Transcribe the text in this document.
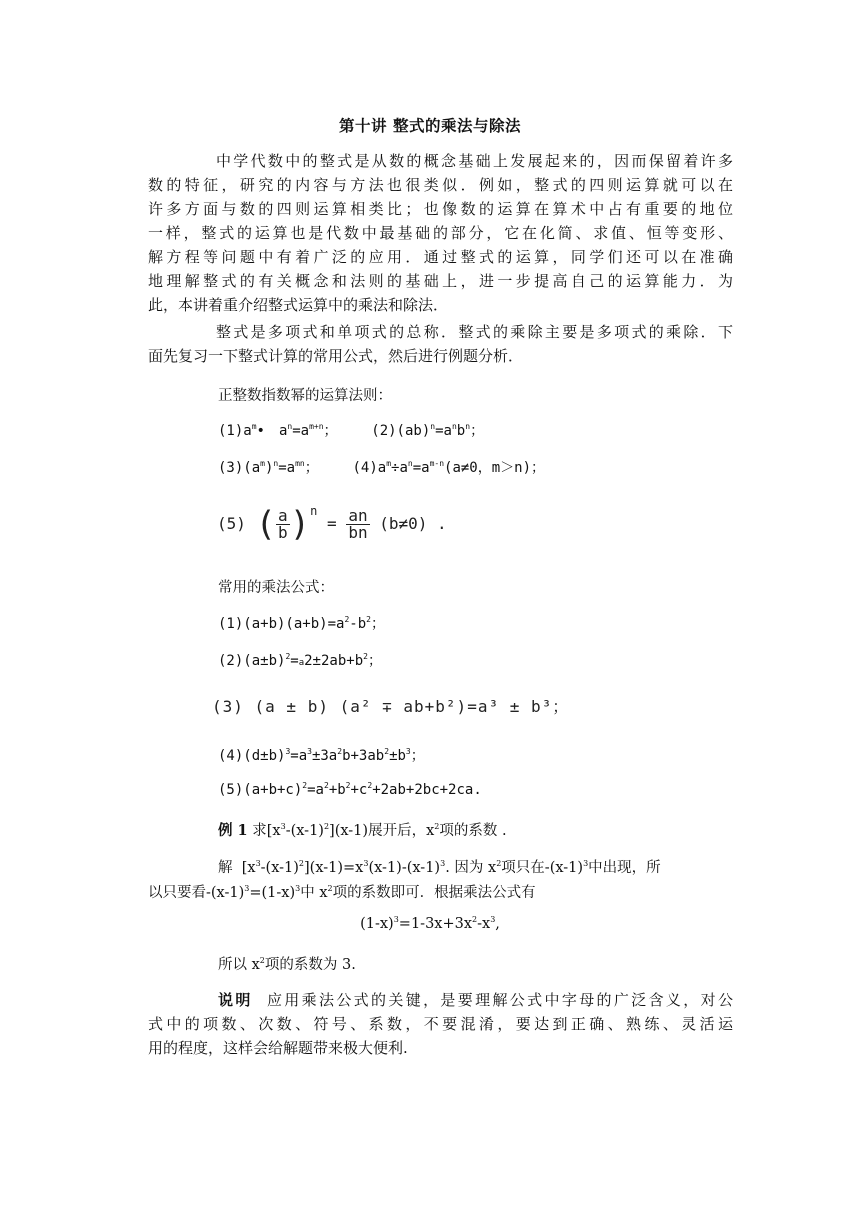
第十讲 整式的乘法与除法
中学代数中的整式是从数的概念基础上发展起来的，因而保留着许多
数的特征，研究的内容与方法也很类似．例如，整式的四则运算就可以在
许多方面与数的四则运算相类比；也像数的运算在算术中占有重要的地位
一样，整式的运算也是代数中最基础的部分，它在化简、求值、恒等变形、
解方程等问题中有着广泛的应用．通过整式的运算，同学们还可以在准确
地理解整式的有关概念和法则的基础上，进一步提高自己的运算能力．为
此，本讲着重介绍整式运算中的乘法和除法．
整式是多项式和单项式的总称．整式的乘除主要是多项式的乘除．下
面先复习一下整式计算的常用公式，然后进行例题分析．
正整数指数幂的运算法则：
$(1)a^m•$　$a^n=a^{m+n}$； $(2)(ab)^n=a^nb^n$；
$(3)(a^m)^n=a^{mn}$； $(4)a^m\div a^n=a^{m-n}(a\ne 0$，m＞n)；
(5) ( $\frac{a}{b} )^n = \frac{an}{bn} (b\ne 0)$ .
常用的乘法公式：
$(1)(a+b)(a+b)=a^2-b^2$；
$(2)(a\pm b)^2=a2\pm 2ab+b^2$；
(3) (a ± b) (a² ∓ ab+b²)=a³ ± b³；
$(4)(d\pm b)^3=a^3\pm 3a^2b+3ab^2\pm b^3$；
$(5)(a+b+c)^2=a^2+b^2+c^2+2ab+2bc+2ca$.
例 1 求$[x^3-(x-1)^2](x-1)$展开后，$x^2$项的系数 .
解 $[x^3-(x-1)^2](x-1)=x^3(x-1)-(x-1)^3$. 因为 $x^2$项只在$-(x-1)^3$中出现，所
以只要看$-(x-1)^3=(1-x)^3$中 $x^2$项的系数即可．根据乘法公式有
$(1-x)^3=1-3x+3x^2-x^3$,
所以 $x^2$项的系数为 3.
说明 应用乘法公式的关键，是要理解公式中字母的广泛含义，对公
式中的项数、次数、符号、系数，不要混淆，要达到正确、熟练、灵活运
用的程度，这样会给解题带来极大便利.
